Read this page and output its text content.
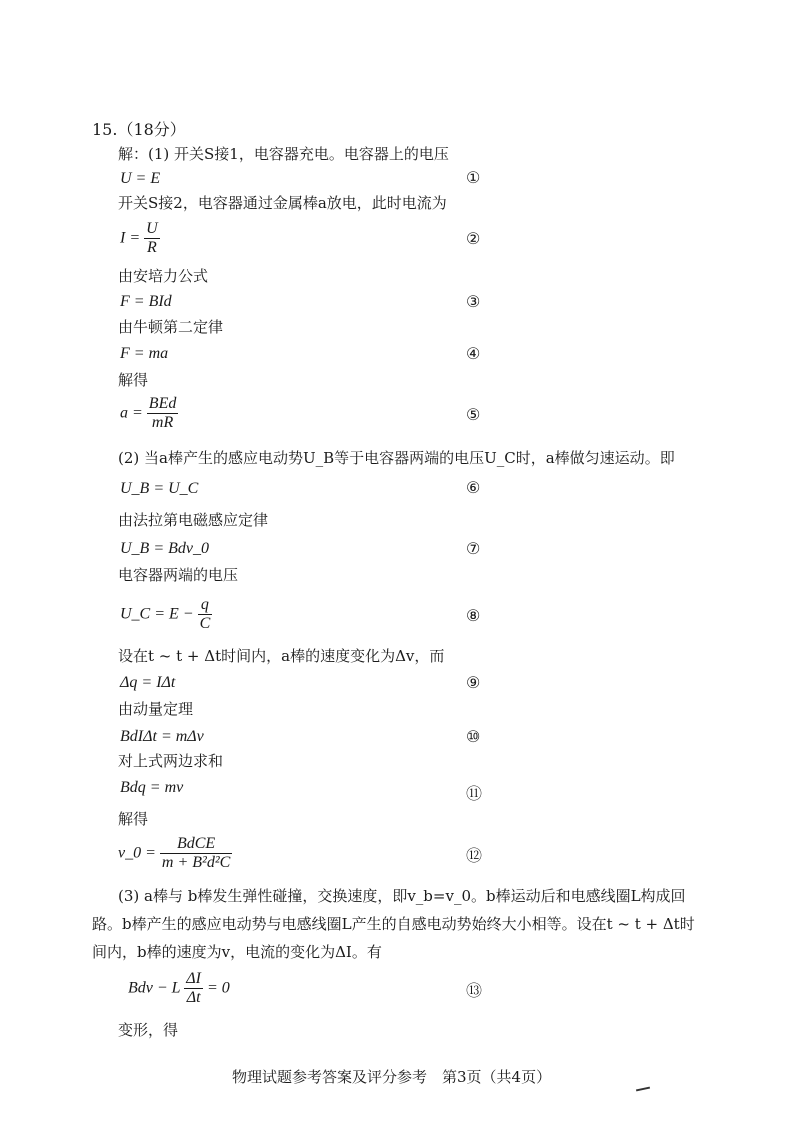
15.（18分）
解：(1) 开关S接1，电容器充电。电容器上的电压
U = E	①
开关S接2，电容器通过金属棒a放电，此时电流为
$I = \frac{U}{R}$	②
由安培力公式
F = BId	③
由牛顿第二定律
F = ma	④
解得
$a = \frac{\text{BEd}}{mR}$	⑤
(2) 当a棒产生的感应电动势U_B等于电容器两端的电压U_C时，a棒做匀速运动。即
U_B = U_C	⑥
由法拉第电磁感应定律
U_B = Bdv_0	⑦
电容器两端的电压
U_C = $E - \frac{q}{C}$	⑧
设在t ~ t + Δt时间内，a棒的速度变化为Δv，而
Δq = IΔt	⑨
由动量定理
BdIΔt = mΔv	⑩
对上式两边求和
Bdq = mv	⑪
解得
v_0 = $\frac{\text{BdCE}}{\text{m + B²d²C}}$	⑫
(3) a棒与 b棒发生弹性碰撞，交换速度，即v_b=v_0。b棒运动后和电感线圈L构成回
路。b棒产生的感应电动势与电感线圈L产生的自感电动势始终大小相等。设在t ~ t + Δt时
间内，b棒的速度为v，电流的变化为ΔI。有
Bdv − L $\frac{\Delta I}{\Delta t} = 0$	⑬
变形，得
物理试题参考答案及评分参考　第3页（共4页）
